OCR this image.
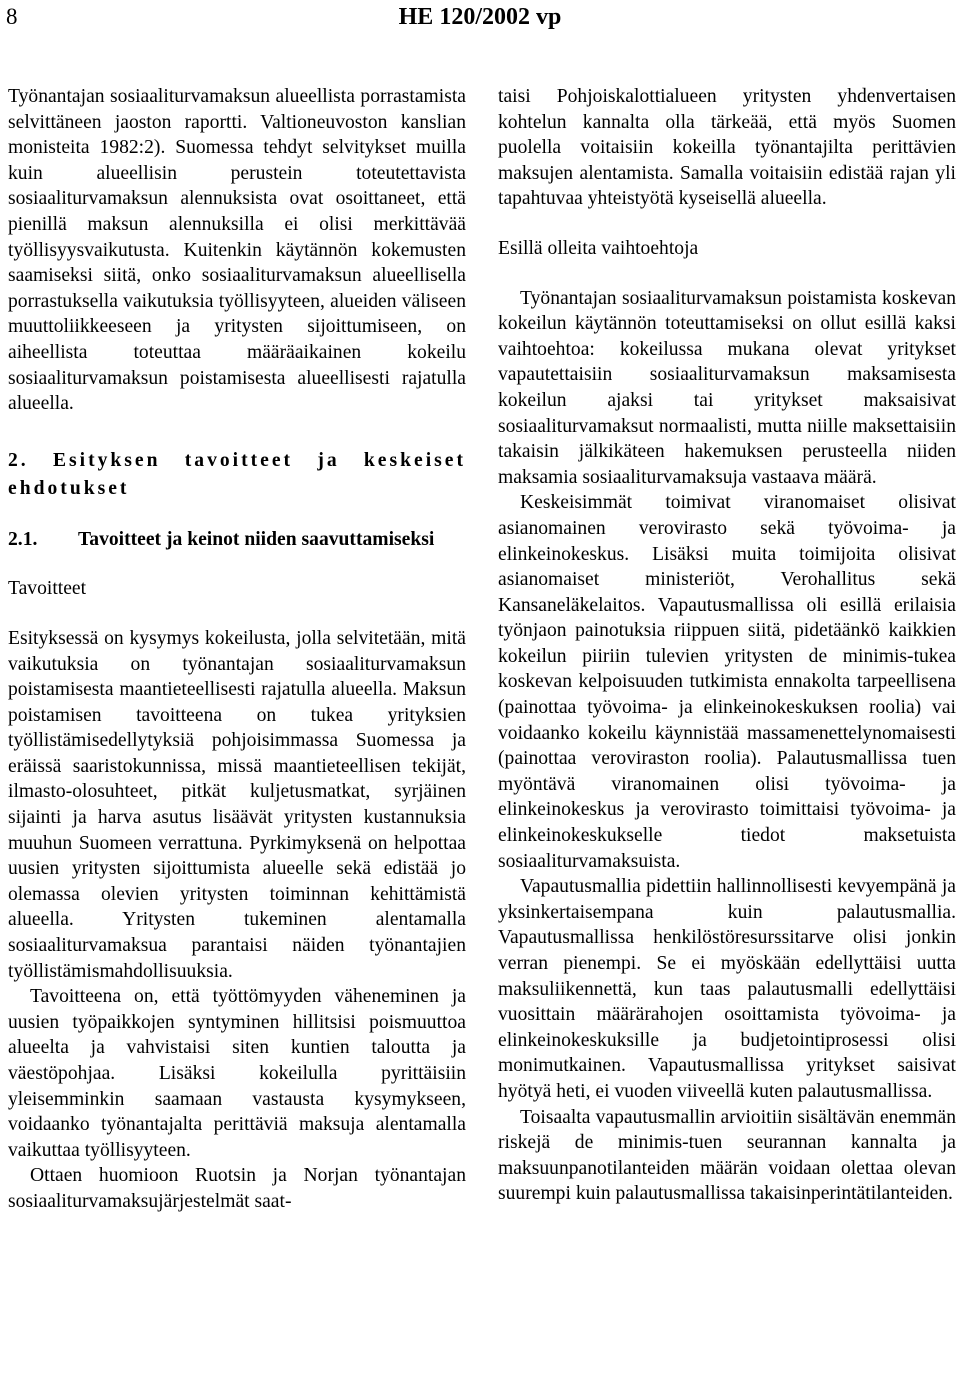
8	HE 120/2002 vp

Työnantajan sosiaaliturvamaksun alueellista porrastamista selvittäneen jaoston raportti. Valtioneuvoston kanslian monisteita 1982:2). Suomessa tehdyt selvitykset muilla kuin alueellisin perustein toteutettavista sosiaaliturvamaksun alennuksista ovat osoittaneet, että pienillä maksun alennuksilla ei olisi merkittävää työllisyysvaikutusta. Kuitenkin käytännön kokemusten saamiseksi siitä, onko sosiaaliturvamaksun alueellisella porrastuksella vaikutuksia työllisyyteen, alueiden väliseen muuttoliikkeeseen ja yritysten sijoittumiseen, on aiheellista toteuttaa määräaikainen kokeilu sosiaaliturvamaksun poistamisesta alueellisesti rajatulla alueella.

2. Esityksen tavoitteet ja keskeiset ehdotukset

2.1.	Tavoitteet ja keinot niiden saavuttamiseksi

Tavoitteet

Esityksessä on kysymys kokeilusta, jolla selvitetään, mitä vaikutuksia on työnantajan sosiaaliturvamaksun poistamisesta maantieteellisesti rajatulla alueella. Maksun poistamisen tavoitteena on tukea yrityksien työllistämisedellytyksiä pohjoisimmassa Suomessa ja eräissä saaristokunnissa, missä maantieteellisen tekijät, ilmasto-olosuhteet, pitkät kuljetusmatkat, syrjäinen sijainti ja harva asutus lisäävät yritysten kustannuksia muuhun Suomeen verrattuna. Pyrkimyksenä on helpottaa uusien yritysten sijoittumista alueelle sekä edistää jo olemassa olevien yritysten toiminnan kehittämistä alueella. Yritysten tukeminen alentamalla sosiaaliturvamaksua parantaisi näiden työnantajien työllistämismahdollisuuksia.

Tavoitteena on, että työttömyyden väheneminen ja uusien työpaikkojen syntyminen hillitsisi poismuuttoa alueelta ja vahvistaisi siten kuntien taloutta ja väestöpohjaa. Lisäksi kokeilulla pyrittäisiin yleisemminkin saamaan vastausta kysymykseen, voidaanko työnantajalta perittäviä maksuja alentamalla vaikuttaa työllisyyteen.

Ottaen huomioon Ruotsin ja Norjan työnantajan sosiaaliturvamaksujärjestelmät saat-

taisi Pohjoiskalottialueen yritysten yhdenvertaisen kohtelun kannalta olla tärkeää, että myös Suomen puolella voitaisiin kokeilla työnantajilta perittävien maksujen alentamista. Samalla voitaisiin edistää rajan yli tapahtuvaa yhteistyötä kyseisellä alueella.

Esillä olleita vaihtoehtoja

Työnantajan sosiaaliturvamaksun poistamista koskevan kokeilun käytännön toteuttamiseksi on ollut esillä kaksi vaihtoehtoa: kokeilussa mukana olevat yritykset vapautettaisiin sosiaaliturvamaksun maksamisesta kokeilun ajaksi tai yritykset maksaisivat sosiaaliturvamaksut normaalisti, mutta niille maksettaisiin takaisin jälkikäteen hakemuksen perusteella niiden maksamia sosiaaliturvamaksuja vastaava määrä.

Keskeisimmät toimivat viranomaiset olisivat asianomainen verovirasto sekä työvoima- ja elinkeinokeskus. Lisäksi muita toimijoita olisivat asianomaiset ministeriöt, Verohallitus sekä Kansaneläkelaitos. Vapautusmallissa oli esillä erilaisia työnjaon painotuksia riippuen siitä, pidetäänkö kaikkien kokeilun piiriin tulevien yritysten de minimis-tukea koskevan kelpoisuuden tutkimista ennakolta tarpeellisena (painottaa työvoima- ja elinkeinokeskuksen roolia) vai voidaanko kokeilu käynnistää massamenettelynomaisesti (painottaa veroviraston roolia). Palautusmallissa tuen myöntävä viranomainen olisi työvoima- ja elinkeinokeskus ja verovirasto toimittaisi työvoima- ja elinkeinokeskukselle tiedot maksetuista sosiaaliturvamaksuista.

Vapautusmallia pidettiin hallinnollisesti kevyempänä ja yksinkertaisempana kuin palautusmallia. Vapautusmallissa henkilöstöresurssitarve olisi jonkin verran pienempi. Se ei myöskään edellyttäisi uutta maksuliikennettä, kun taas palautusmalli edellyttäisi vuosittain määrärahojen osoittamista työvoima- ja elinkeinokeskuksille ja budjetointiprosessi olisi monimutkainen. Vapautusmallissa yritykset saisivat hyötyä heti, ei vuoden viiveellä kuten palautusmallissa.

Toisaalta vapautusmallin arvioitiin sisältävän enemmän riskejä de minimis-tuen seurannan kannalta ja maksuunpanotilanteiden määrän voidaan olettaa olevan suurempi kuin palautusmallissa takaisinperintätilanteiden.
